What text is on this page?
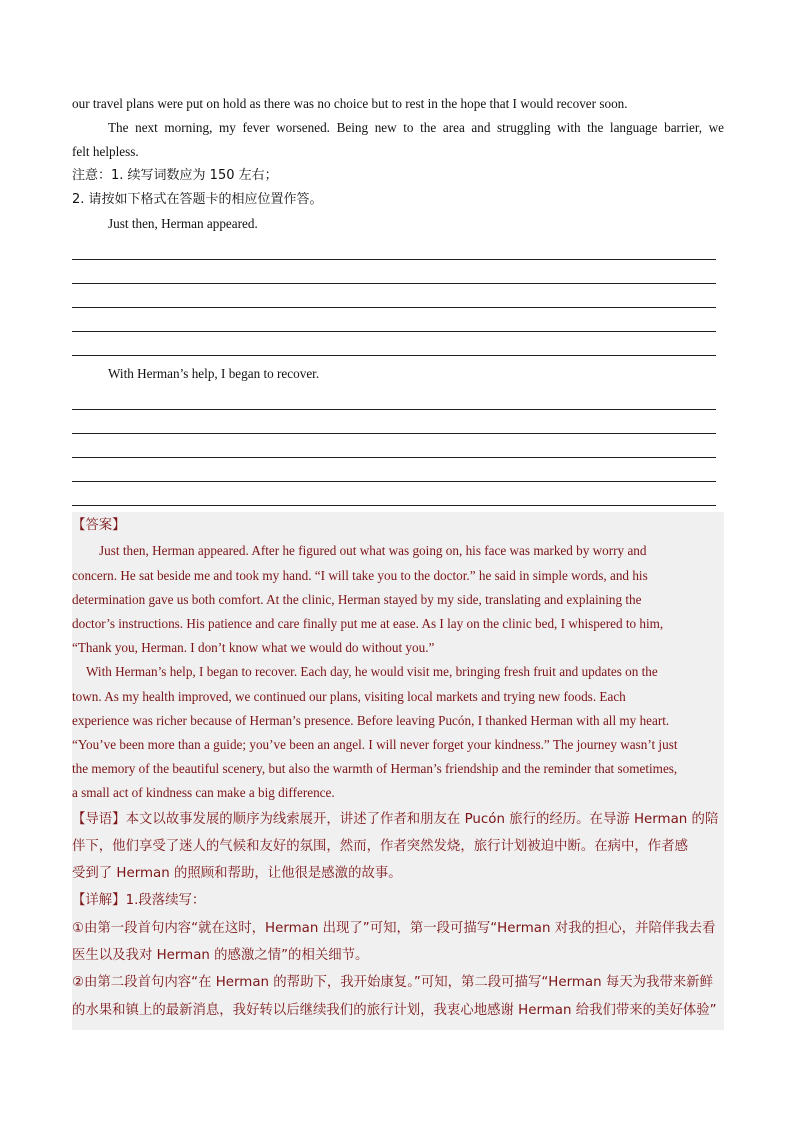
our travel plans were put on hold as there was no choice but to rest in the hope that I would recover soon.

The next morning, my fever worsened. Being new to the area and struggling with the language barrier, we

felt helpless.

注意：1. 续写词数应为 150 左右；

2. 请按如下格式在答题卡的相应位置作答。

Just then, Herman appeared.

With Herman’s help, I began to recover.

【答案】

Just then, Herman appeared. After he figured out what was going on, his face was marked by worry and

concern. He sat beside me and took my hand. “I will take you to the doctor.” he said in simple words, and his

determination gave us both comfort. At the clinic, Herman stayed by my side, translating and explaining the

doctor’s instructions. His patience and care finally put me at ease. As I lay on the clinic bed, I whispered to him,

“Thank you, Herman. I don’t know what we would do without you.”

With Herman’s help, I began to recover. Each day, he would visit me, bringing fresh fruit and updates on the

town. As my health improved, we continued our plans, visiting local markets and trying new foods. Each

experience was richer because of Herman’s presence. Before leaving Pucón, I thanked Herman with all my heart.

“You’ve been more than a guide; you’ve been an angel. I will never forget your kindness.” The journey wasn’t just

the memory of the beautiful scenery, but also the warmth of Herman’s friendship and the reminder that sometimes,

a small act of kindness can make a big difference.

【导语】本文以故事发展的顺序为线索展开，讲述了作者和朋友在 Pucón 旅行的经历。在导游 Herman 的陪

伴下，他们享受了迷人的气候和友好的氛围，然而，作者突然发烧，旅行计划被迫中断。在病中，作者感

受到了 Herman 的照顾和帮助，让他很是感激的故事。

【详解】1.段落续写：

①由第一段首句内容“就在这时，Herman 出现了”可知，第一段可描写“Herman 对我的担心，并陪伴我去看

医生以及我对 Herman 的感激之情”的相关细节。

②由第二段首句内容“在 Herman 的帮助下，我开始康复。”可知，第二段可描写“Herman 每天为我带来新鲜

的水果和镇上的最新消息，我好转以后继续我们的旅行计划，我衷心地感谢 Herman 给我们带来的美好体验”
